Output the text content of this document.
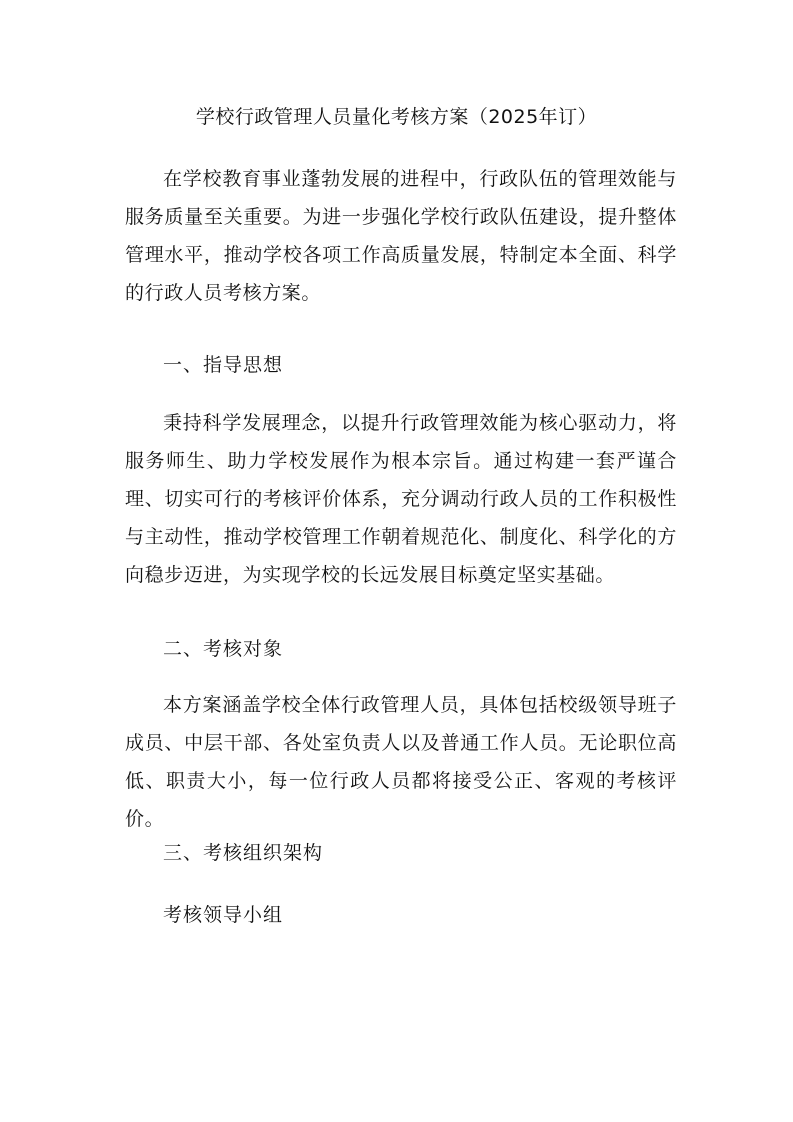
学校行政管理人员量化考核方案（2025年订）

在学校教育事业蓬勃发展的进程中，行政队伍的管理效能与服务质量至关重要。为进一步强化学校行政队伍建设，提升整体管理水平，推动学校各项工作高质量发展，特制定本全面、科学的行政人员考核方案。

一、指导思想

秉持科学发展理念，以提升行政管理效能为核心驱动力，将服务师生、助力学校发展作为根本宗旨。通过构建一套严谨合理、切实可行的考核评价体系，充分调动行政人员的工作积极性与主动性，推动学校管理工作朝着规范化、制度化、科学化的方向稳步迈进，为实现学校的长远发展目标奠定坚实基础。

二、考核对象

本方案涵盖学校全体行政管理人员，具体包括校级领导班子成员、中层干部、各处室负责人以及普通工作人员。无论职位高低、职责大小，每一位行政人员都将接受公正、客观的考核评价。

三、考核组织架构
考核领导小组
